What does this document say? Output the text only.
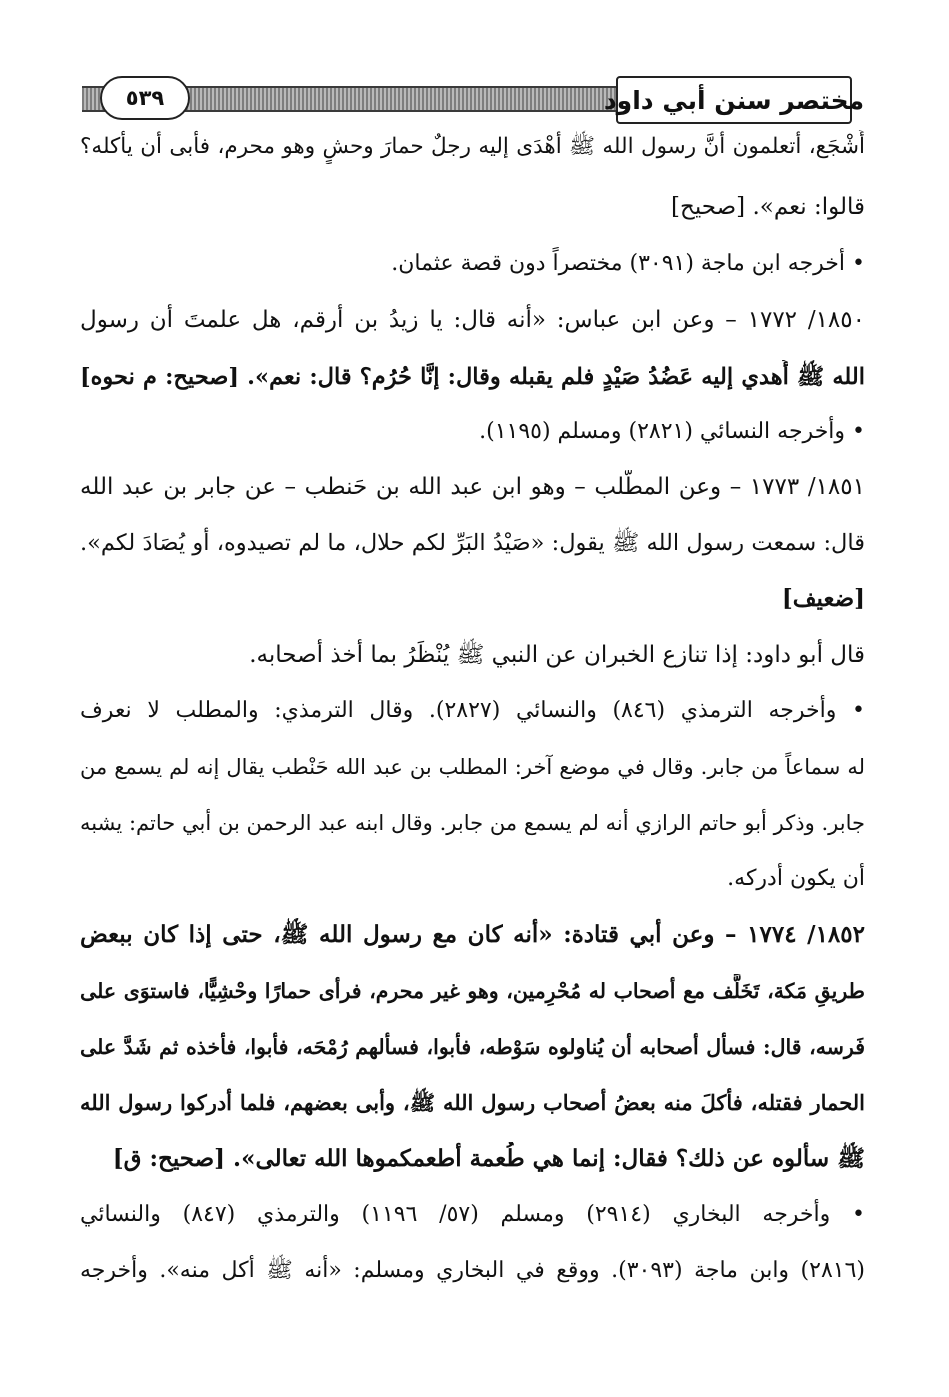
مختصر سنن أبي داود
٥٣٩
أَشْجَع، أتعلمون أنَّ رسول الله ﷺ أهْدَى إليه رجلٌ حمارَ وحشٍ وهو محرم، فأبى أن يأكله؟
قالوا: نعم». [صحيح]
• أخرجه ابن ماجة (٣٠٩١) مختصراً دون قصة عثمان.
١٨٥٠/ ١٧٧٢ – وعن ابن عباس: «أنه قال: يا زيدُ بن أرقم، هل علمتَ أن رسول
الله ﷺ أُهدي إليه عَضُدُ صَيْدٍ فلم يقبله وقال: إنَّا حُرُم؟ قال: نعم». [صحيح: م نحوه]
• وأخرجه النسائي (٢٨٢١) ومسلم (١١٩٥).
١٨٥١/ ١٧٧٣ – وعن المطَّلب – وهو ابن عبد الله بن حَنطب – عن جابر بن عبد الله
قال: سمعت رسول الله ﷺ يقول: «صَيْدُ البَرِّ لكم حلال، ما لم تصيدوه، أو يُصَادَ لكم».
[ضعيف]
قال أبو داود: إذا تنازع الخبران عن النبي ﷺ يُنْظَرُ بما أخذ أصحابه.
• وأخرجه الترمذي (٨٤٦) والنسائي (٢٨٢٧). وقال الترمذي: والمطلب لا نعرف
له سماعاً من جابر. وقال في موضع آخر: المطلب بن عبد الله حَنْطب يقال إنه لم يسمع من
جابر. وذكر أبو حاتم الرازي أنه لم يسمع من جابر. وقال ابنه عبد الرحمن بن أبي حاتم: يشبه
أن يكون أدركه.
١٨٥٢/ ١٧٧٤ – وعن أبي قتادة: «أنه كان مع رسول الله ﷺ، حتى إذا كان ببعض
طريقِ مَكة، تَخَلَّف مع أصحاب له مُحْرِمين، وهو غير محرم، فرأى حمارًا وحْشِيًّا، فاستوَى على
فَرسه، قال: فسأل أصحابه أن يُناولوه سَوْطه، فأبوا، فسألهم رُمْحَه، فأبوا، فأخذه ثم شَدَّ على
الحمار فقتله، فأكلَ منه بعضُ أصحاب رسول الله ﷺ، وأبى بعضهم، فلما أدركوا رسول الله
ﷺ سألوه عن ذلك؟ فقال: إنما هي طُعمة أطعمكموها الله تعالى». [صحيح: ق]
• وأخرجه البخاري (٢٩١٤) ومسلم (٥٧/ ١١٩٦) والترمذي (٨٤٧) والنسائي
(٢٨١٦) وابن ماجة (٣٠٩٣). ووقع في البخاري ومسلم: «أنه ﷺ أكل منه». وأخرجه
